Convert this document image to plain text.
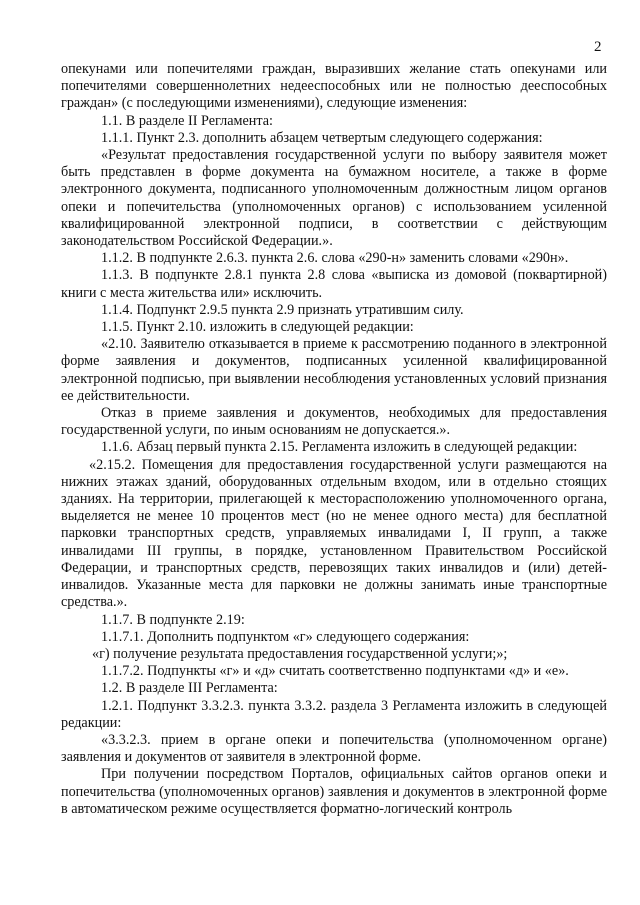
2

опекунами или попечителями граждан, выразивших желание стать опекунами или попечителями совершеннолетних недееспособных или не полностью дееспособных граждан» (с последующими изменениями), следующие изменения:

1.1. В разделе II Регламента:

1.1.1. Пункт 2.3. дополнить абзацем четвертым следующего содержания:

«Результат предоставления государственной услуги по выбору заявителя может быть представлен в форме документа на бумажном носителе, а также в форме электронного документа, подписанного уполномоченным должностным лицом органов опеки и попечительства (уполномоченных органов) с использованием усиленной квалифицированной электронной подписи, в соответствии с действующим законодательством Российской Федерации.».

1.1.2. В подпункте 2.6.3. пункта 2.6. слова «290-н» заменить словами «290н».

1.1.3. В подпункте 2.8.1 пункта 2.8 слова «выписка из домовой (поквартирной) книги с места жительства или» исключить.

1.1.4. Подпункт 2.9.5 пункта 2.9 признать утратившим силу.

1.1.5. Пункт 2.10. изложить в следующей редакции:

«2.10. Заявителю отказывается в приеме к рассмотрению поданного в электронной форме заявления и документов, подписанных усиленной квалифицированной электронной подписью, при выявлении несоблюдения установленных условий признания ее действительности.

Отказ в приеме заявления и документов, необходимых для предоставления государственной услуги, по иным основаниям не допускается.».

1.1.6. Абзац первый пункта 2.15. Регламента изложить в следующей редакции:

«2.15.2. Помещения для предоставления государственной услуги размещаются на нижних этажах зданий, оборудованных отдельным входом, или в отдельно стоящих зданиях. На территории, прилегающей к месторасположению уполномоченного органа, выделяется не менее 10 процентов мест (но не менее одного места) для бесплатной парковки транспортных средств, управляемых инвалидами I, II групп, а также инвалидами III группы, в порядке, установленном Правительством Российской Федерации, и транспортных средств, перевозящих таких инвалидов и (или) детей-инвалидов. Указанные места для парковки не должны занимать иные транспортные средства.».

1.1.7. В подпункте 2.19:

1.1.7.1. Дополнить подпунктом «г» следующего содержания:

«г) получение результата предоставления государственной услуги;»;

1.1.7.2. Подпункты «г» и «д» считать соответственно подпунктами «д» и «е».

1.2. В разделе III Регламента:

1.2.1. Подпункт 3.3.2.3. пункта 3.3.2. раздела 3 Регламента изложить в следующей редакции:

«3.3.2.3. прием в органе опеки и попечительства (уполномоченном органе) заявления и документов от заявителя в электронной форме.

При получении посредством Порталов, официальных сайтов органов опеки и попечительства (уполномоченных органов) заявления и документов в электронной форме в автоматическом режиме осуществляется форматно-логический контроль
